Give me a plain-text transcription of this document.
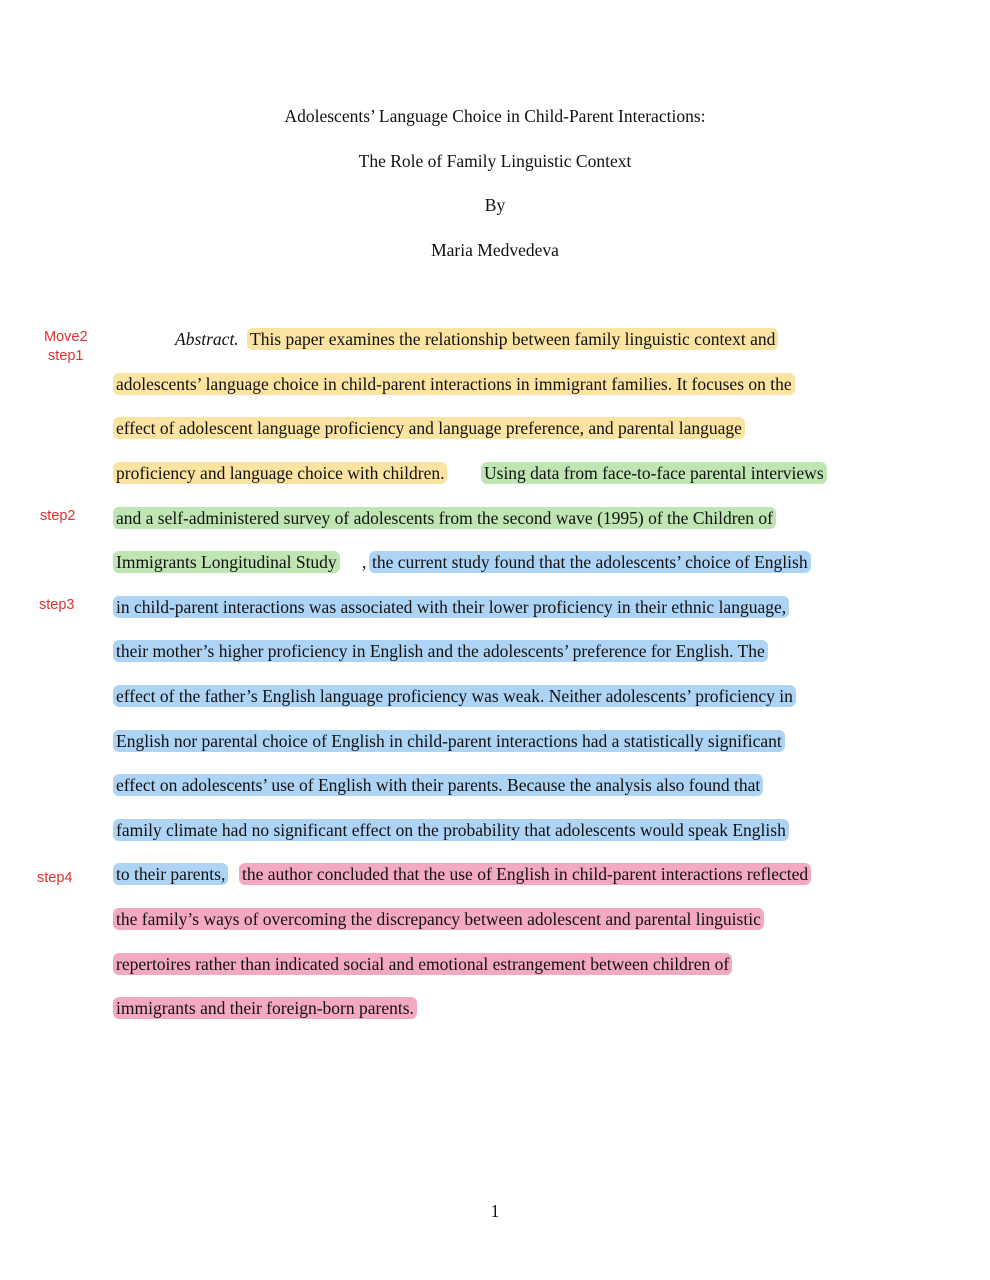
Adolescents’ Language Choice in Child-Parent Interactions:
The Role of Family Linguistic Context
By
Maria Medvedeva
Move2
step1
step2
step3
step4
Abstract. This paper examines the relationship between family linguistic context and
adolescents’ language choice in child-parent interactions in immigrant families. It focuses on the
effect of adolescent language proficiency and language preference, and parental language
proficiency and language choice with children. Using data from face-to-face parental interviews
and a self-administered survey of adolescents from the second wave (1995) of the Children of
Immigrants Longitudinal Study , the current study found that the adolescents’ choice of English
in child-parent interactions was associated with their lower proficiency in their ethnic language,
their mother’s higher proficiency in English and the adolescents’ preference for English. The
effect of the father’s English language proficiency was weak. Neither adolescents’ proficiency in
English nor parental choice of English in child-parent interactions had a statistically significant
effect on adolescents’ use of English with their parents. Because the analysis also found that
family climate had no significant effect on the probability that adolescents would speak English
to their parents, the author concluded that the use of English in child-parent interactions reflected
the family’s ways of overcoming the discrepancy between adolescent and parental linguistic
repertoires rather than indicated social and emotional estrangement between children of
immigrants and their foreign-born parents.
1
